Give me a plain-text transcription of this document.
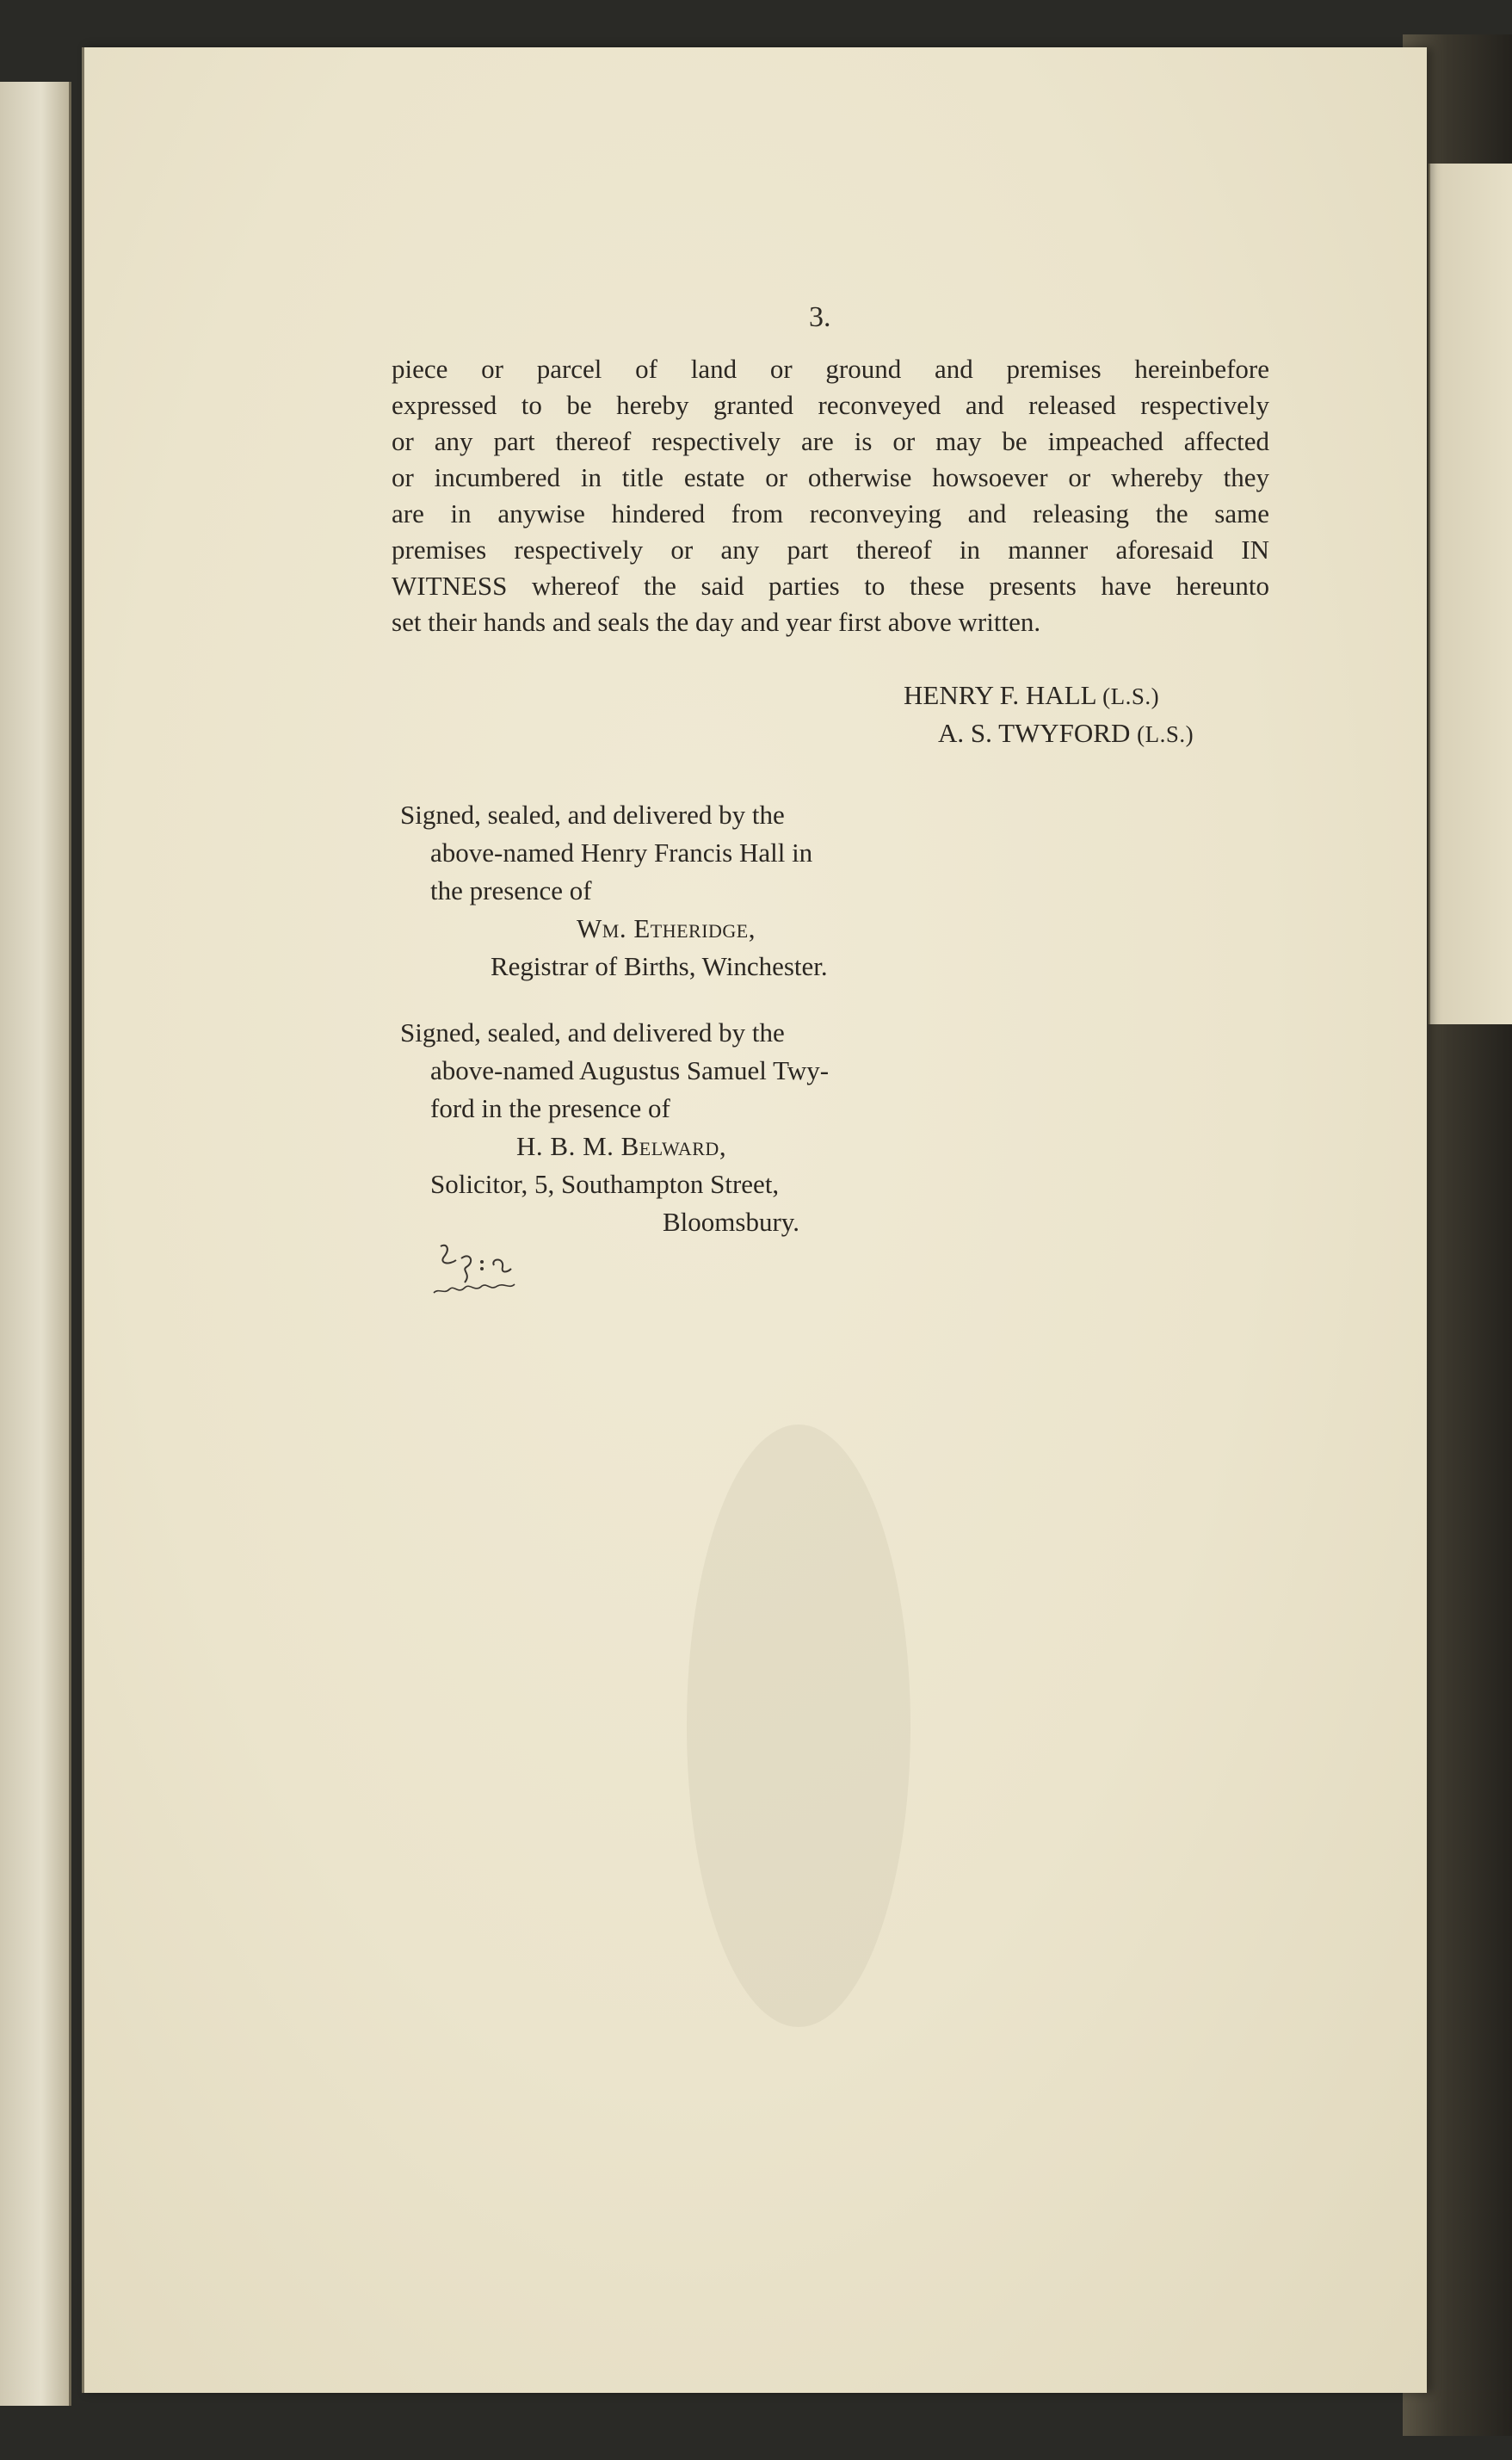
3.
piece or parcel of land or ground and premises hereinbefore
expressed to be hereby granted reconveyed and released respectively
or any part thereof respectively are is or may be impeached affected
or incumbered in title estate or otherwise howsoever or whereby they
are in anywise hindered from reconveying and releasing the same
premises respectively or any part thereof in manner aforesaid IN
WITNESS whereof the said parties to these presents have hereunto
set their hands and seals the day and year first above written.
HENRY F. HALL (L.S.)
A. S. TWYFORD (L.S.)
Signed, sealed, and delivered by the
above-named Henry Francis Hall in
the presence of
Wm. Etheridge,
Registrar of Births, Winchester.
Signed, sealed, and delivered by the
above-named Augustus Samuel Twy-
ford in the presence of
H. B. M. Belward,
Solicitor, 5, Southampton Street,
Bloomsbury.
